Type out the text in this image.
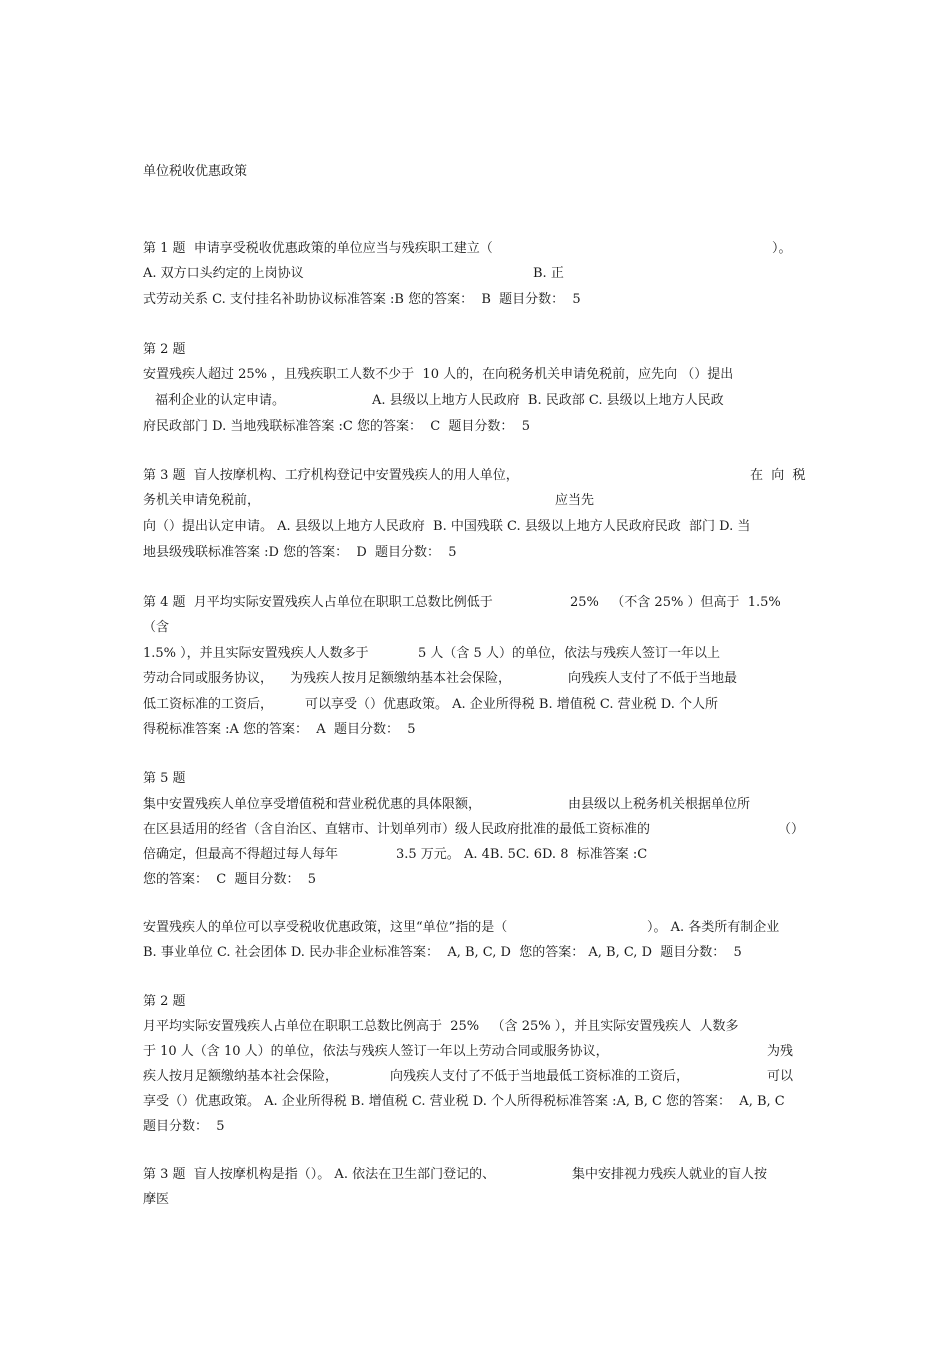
单位税收优惠政策
第 1 题  申请享受税收优惠政策的单位应当与残疾职工建立（	）。
A. 双方口头约定的上岗协议	B. 正
式劳动关系 C. 支付挂名补助协议标准答案 :B 您的答案：  B  题目分数：  5
第 2 题
安置残疾人超过 25% ，且残疾职工人数不少于  10 人的，在向税务机关申请免税前，应先向 （）提出
福利企业的认定申请。	A. 县级以上地方人民政府  B. 民政部 C. 县级以上地方人民政
府民政部门 D. 当地残联标准答案 :C 您的答案：  C  题目分数：  5
第 3 题  盲人按摩机构、工疗机构登记中安置残疾人的用人单位，	在  向  税
务机关申请免税前，	应当先
向（）提出认定申请。 A. 县级以上地方人民政府  B. 中国残联 C. 县级以上地方人民政府民政  部门 D. 当
地县级残联标准答案 :D 您的答案：  D  题目分数：  5
第 4 题  月平均实际安置残疾人占单位在职职工总数比例低于	25%   （不含 25% ）但高于  1.5%
（含
1.5% ），并且实际安置残疾人人数多于	5 人（含 5 人）的单位，依法与残疾人签订一年以上
劳动合同或服务协议， 为残疾人按月足额缴纳基本社会保险，	向残疾人支付了不低于当地最
低工资标准的工资后， 可以享受（）优惠政策。 A. 企业所得税 B. 增值税 C. 营业税 D. 个人所
得税标准答案 :A 您的答案：  A  题目分数：  5
第 5 题
集中安置残疾人单位享受增值税和营业税优惠的具体限额，	由县级以上税务机关根据单位所
在区县适用的经省（含自治区、直辖市、计划单列市）级人民政府批准的最低工资标准的	（）
倍确定，但最高不得超过每人每年	3.5 万元。 A. 4B. 5C. 6D. 8  标准答案 :C
您的答案：  C  题目分数：  5
安置残疾人的单位可以享受税收优惠政策，这里“单位”指的是（	）。 A. 各类所有制企业
B. 事业单位 C. 社会团体 D. 民办非企业标准答案：  A, B, C, D  您的答案： A, B, C, D  题目分数：  5
第 2 题
月平均实际安置残疾人占单位在职职工总数比例高于  25%   （含 25% ），并且实际安置残疾人  人数多
于 10 人（含 10 人）的单位，依法与残疾人签订一年以上劳动合同或服务协议，	为残
疾人按月足额缴纳基本社会保险，	向残疾人支付了不低于当地最低工资标准的工资后，	可以
享受（）优惠政策。 A. 企业所得税 B. 增值税 C. 营业税 D. 个人所得税标准答案 :A, B, C 您的答案：  A, B, C
题目分数：  5
第 3 题  盲人按摩机构是指（）。 A. 依法在卫生部门登记的、	集中安排视力残疾人就业的盲人按
摩医
